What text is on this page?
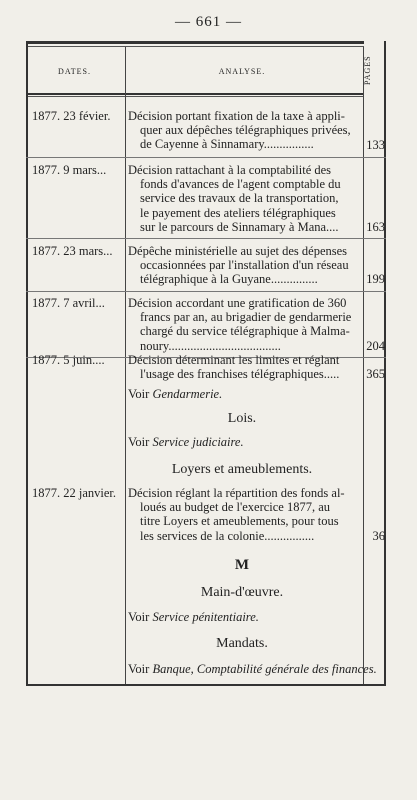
— 661 —
DATES.	ANALYSE.	PAGES
1877. 23 févier. Décision portant fixation de la taxe à appli-
quer aux dépêches télégraphiques privées,
de Cayenne à Sinnamary................	133
1877. 9 mars... Décision rattachant à la comptabilité des
fonds d'avances de l'agent comptable du
service des travaux de la transportation,
le payement des ateliers télégraphiques
sur le parcours de Sinnamary à Mana....	163
1877. 23 mars... Dépêche ministérielle au sujet des dépenses
occasionnées par l'installation d'un réseau
télégraphique à la Guyane...............	199
1877. 7 avril... Décision accordant une gratification de 360
francs par an, au brigadier de gendarmerie
chargé du service télégraphique à Malma-
noury....................................	204
1877. 5 juin.... Décision déterminant les limites et réglant
l'usage des franchises télégraphiques.....	365
Voir Gendarmerie.
Lois.
Voir Service judiciaire.
Loyers et ameublements.
1877. 22 janvier. Décision réglant la répartition des fonds al-
loués au budget de l'exercice 1877, au
titre Loyers et ameublements, pour tous
les services de la colonie................	36
M
Main-d'œuvre.
Voir Service pénitentiaire.
Mandats.
Voir Banque, Comptabilité générale des finances.
